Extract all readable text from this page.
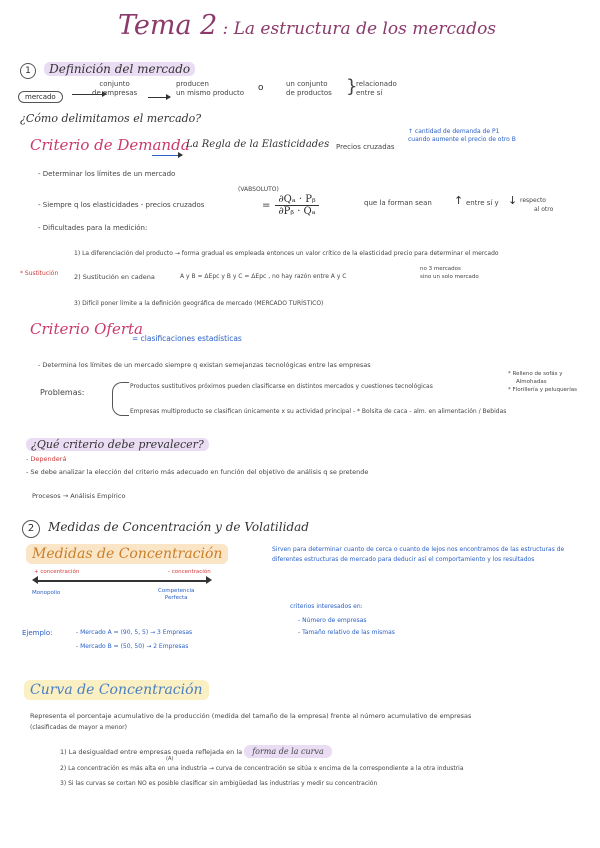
Tema 2 : La estructura de los mercados
1 Definición del mercado
mercado
conjunto
de empresas
producen
un mismo producto o	un conjunto
de productos }
relacionado
entre sí
¿Cómo delimitamos el mercado?
Criterio de Demanda
La Regla de la Elasticidades Precios cruzadas
↑ cantidad de demanda de P1
cuando aumente el precio de otro B
- Determinar los límites de un mercado
(VABSOLUTO)
- Siempre q los elasticidades - precios cruzados	= $\frac{\text{∂Qₐ · Pᵦ}}{\text{∂Pᵦ · Qₐ}}$	que la forman sean ↑ entre sí y ↓ respecto
al otro
- Dificultades para la medición:
1) La diferenciación del producto → forma gradual es empleada entonces un valor crítico de la elasticidad precio para determinar el mercado
* Sustitución 2) Sustitución en cadena	A y B = ΔEpc y B y C = ΔEpc , no hay razón entre A y C
no 3 mercados
sino un solo mercado
3) Difícil poner límite a la definición geográfica de mercado (MERCADO TURÍSTICO)
Criterio Oferta
= clasificaciones estadísticas
- Determina los límites de un mercado siempre q existan semejanzas tecnológicas entre las empresas
Problemas:
Productos sustitutivos próximos pueden clasificarse en distintos mercados y cuestiones tecnológicas
* Relleno de sofás y
Almohadas
* Florillería y peluquerías
Empresas multiproducto se clasifican únicamente x su actividad principal - * Bolsita de caca - alm. en alimentación / Bebidas
¿Qué criterio debe prevalecer?
- Dependerá
- Se debe analizar la elección del criterio más adecuado en función del objetivo de análisis q se pretende
Procesos → Análisis Empírico
2 Medidas de Concentración y de Volatilidad
Medidas de Concentración	Sirven para determinar cuanto de cerca o cuanto de lejos nos encontramos de las estructuras de diferentes estructuras de mercado para deducir así el comportamiento y los resultados
+ concentración	- concentración
Monopolio	Competencia
Perfecta
criterios interesados en:
- Número de empresas
- Tamaño relativo de las mismas
Ejemplo:	- Mercado A = (90, 5, 5) → 3 Empresas
- Mercado B = (50, 50) → 2 Empresas
Curva de Concentración
Representa el porcentaje acumulativo de la producción (medida del tamaño de la empresa) frente al número acumulativo de empresas
(clasificadas de mayor a menor)
1) La desigualdad entre empresas queda reflejada en la forma de la curva
(A)
2) La concentración es más alta en una industria → curva de concentración se sitúa x encima de la correspondiente a la otra industria
3) Si las curvas se cortan NO es posible clasificar sin ambigüedad las industrias y medir su concentración
